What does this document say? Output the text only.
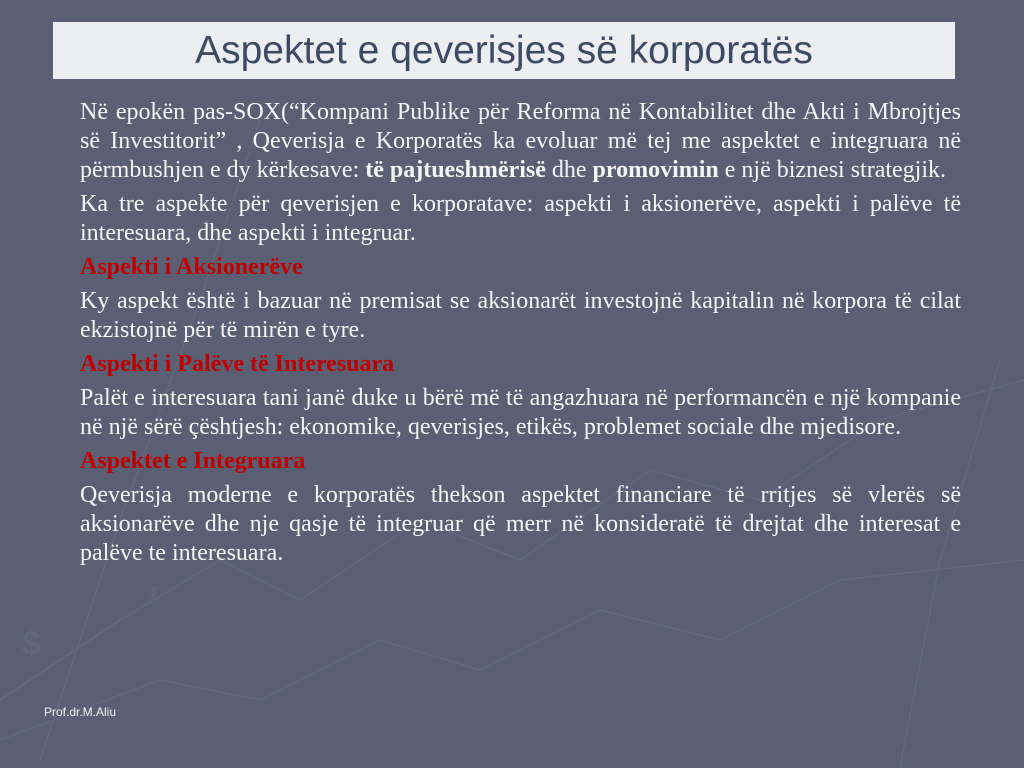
$
€
Aspektet e qeverisjes së korporatës

Në epokën pas-SOX(“Kompani Publike për Reforma në Kontabilitet dhe Akti i Mbrojtjes së Investitorit” , Qeverisja e Korporatës ka evoluar më tej me aspektet e integruara në përmbushjen e dy kërkesave: të pajtueshmërisë dhe promovimin e një biznesi strategjik.

Ka tre aspekte për qeverisjen e korporatave: aspekti i aksionerëve, aspekti i palëve të interesuara, dhe aspekti i integruar.

Aspekti i Aksionerëve

Ky aspekt është i bazuar në premisat se aksionarët investojnë kapitalin në korpora të cilat ekzistojnë për të mirën e tyre.

Aspekti i Palëve të Interesuara

Palët e interesuara tani janë duke u bërë më të angazhuara në performancën e një kompanie në një sërë çështjesh: ekonomike, qeverisjes, etikës, problemet sociale dhe mjedisore.

Aspektet e Integruara

Qeverisja moderne e korporatës thekson aspektet financiare të rritjes së vlerës së aksionarëve dhe nje qasje të integruar që merr në konsideratë të drejtat dhe interesat e palëve te interesuara.

Prof.dr.M.Aliu
